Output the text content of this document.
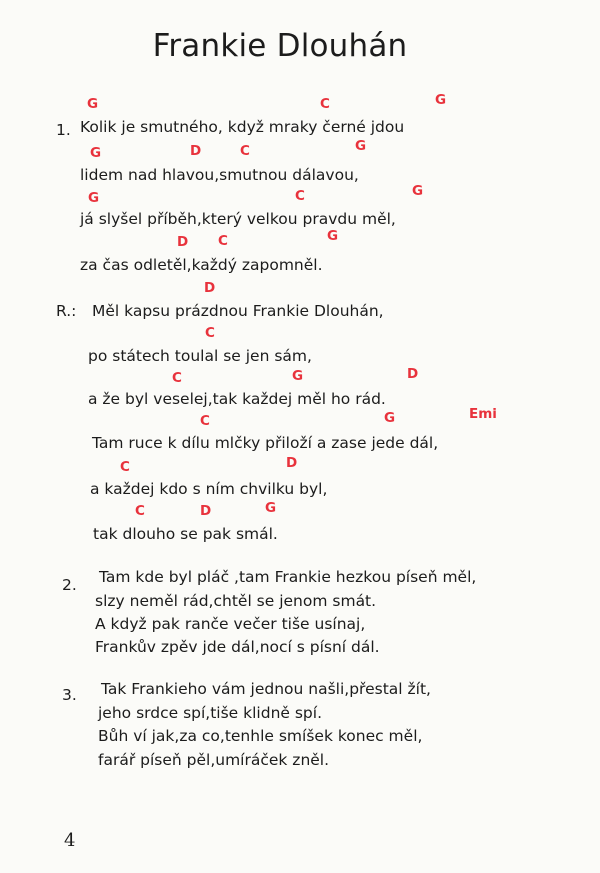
Frankie Dlouhán
G	C	G
1. Kolik je smutného, když mraky černé jdou
G	D	C	G
lidem nad hlavou,smutnou dálavou,
G	C	G
já slyšel příběh,který velkou pravdu měl,
D C	G
za čas odletěl,každý zapomněl.
D
R.: Měl kapsu prázdnou Frankie Dlouhán,
C
po státech toulal se jen sám,
C	G	D
a že byl veselej,tak každej měl ho rád.
C	G	Emi
Tam ruce k dílu mlčky přiloží a zase jede dál,
C	D
a každej kdo s ním chvilku byl,
C	D	G
tak dlouho se pak smál.
2. Tam kde byl pláč ,tam Frankie hezkou píseň měl,
slzy neměl rád,chtěl se jenom smát.
A když pak ranče večer tiše usínaj,
Frankův zpěv jde dál,nocí s písní dál.
3. Tak Frankieho vám jednou našli,přestal žít,
jeho srdce spí,tiše klidně spí.
Bůh ví jak,za co,tenhle smíšek konec měl,
farář píseň pěl,umíráček zněl.
4
